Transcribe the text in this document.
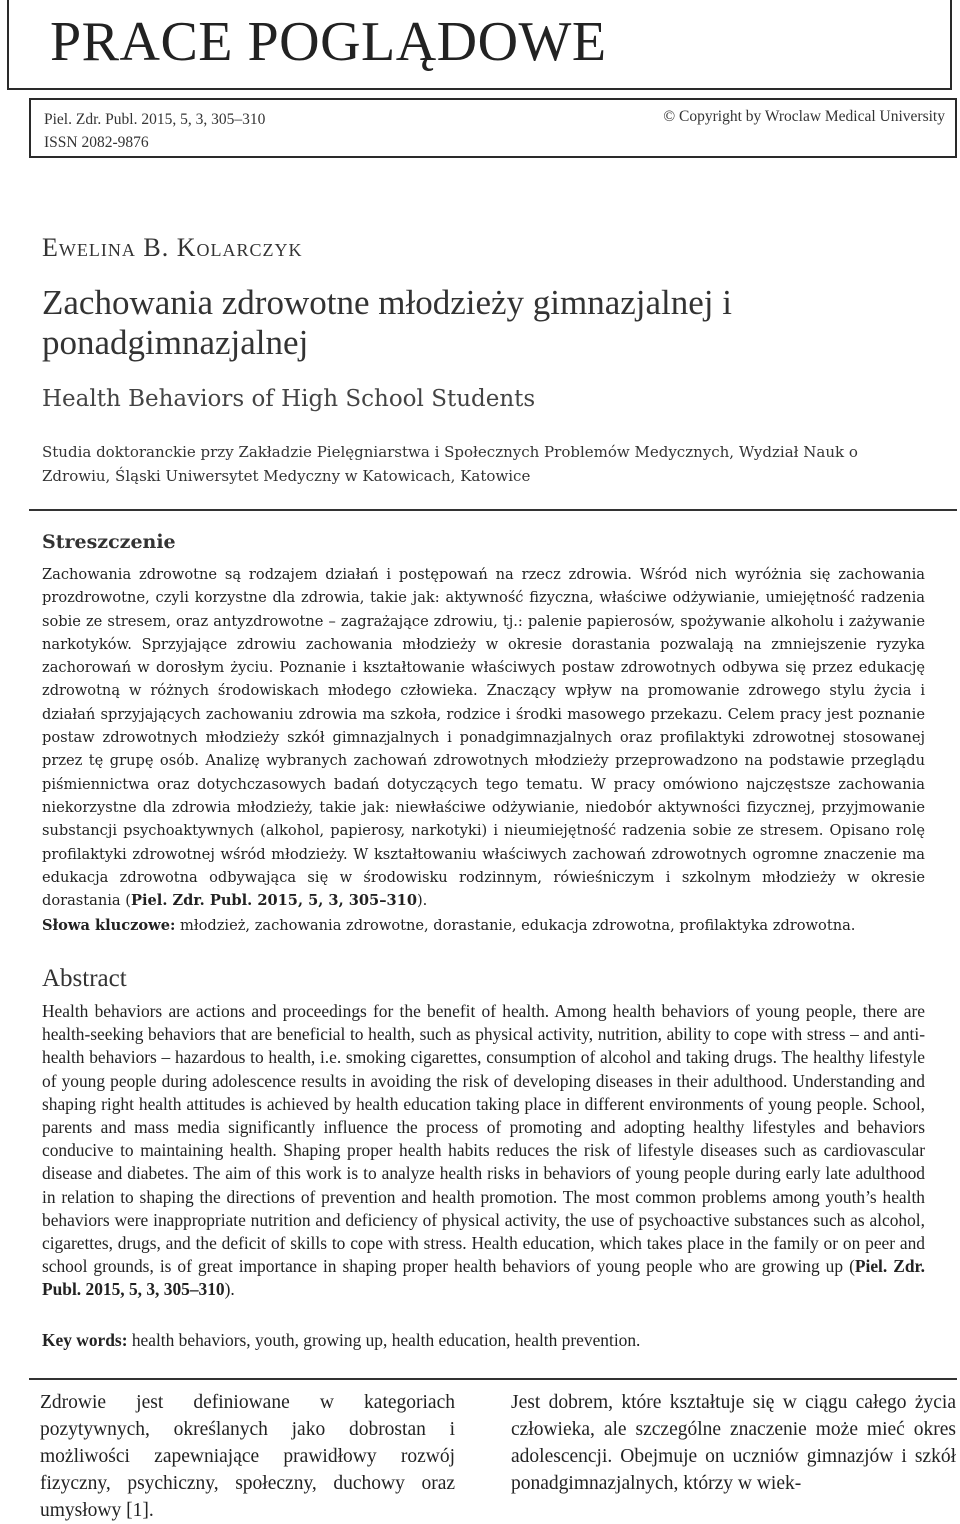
PRACE POGLĄDOWE
Piel. Zdr. Publ. 2015, 5, 3, 305–310
ISSN 2082-9876
© Copyright by Wroclaw Medical University
Ewelina B. Kolarczyk
Zachowania zdrowotne młodzieży gimnazjalnej i ponadgimnazjalnej
Health Behaviors of High School Students
Studia doktoranckie przy Zakładzie Pielęgniarstwa i Społecznych Problemów Medycznych, Wydział Nauk o Zdrowiu, Śląski Uniwersytet Medyczny w Katowicach, Katowice
Streszczenie
Zachowania zdrowotne są rodzajem działań i postępowań na rzecz zdrowia. Wśród nich wyróżnia się zachowania prozdrowotne, czyli korzystne dla zdrowia, takie jak: aktywność fizyczna, właściwe odżywianie, umiejętność radzenia sobie ze stresem, oraz antyzdrowotne – zagrażające zdrowiu, tj.: palenie papierosów, spożywanie alkoholu i zażywanie narkotyków. Sprzyjające zdrowiu zachowania młodzieży w okresie dorastania pozwalają na zmniejszenie ryzyka zachorowań w dorosłym życiu. Poznanie i kształtowanie właściwych postaw zdrowotnych odbywa się przez edukację zdrowotną w różnych środowiskach młodego człowieka. Znaczący wpływ na promowanie zdrowego stylu życia i działań sprzyjających zachowaniu zdrowia ma szkoła, rodzice i środki masowego przekazu. Celem pracy jest poznanie postaw zdrowotnych młodzieży szkół gimnazjalnych i ponadgimnazjalnych oraz profilaktyki zdrowotnej stosowanej przez tę grupę osób. Analizę wybranych zachowań zdrowotnych młodzieży przeprowadzono na podstawie przeglądu piśmiennictwa oraz dotychczasowych badań dotyczących tego tematu. W pracy omówiono najczęstsze zachowania niekorzystne dla zdrowia młodzieży, takie jak: niewłaściwe odżywianie, niedobór aktywności fizycznej, przyjmowanie substancji psychoaktywnych (alkohol, papierosy, narkotyki) i nieumiejętność radzenia sobie ze stresem. Opisano rolę profilaktyki zdrowotnej wśród młodzieży. W kształtowaniu właściwych zachowań zdrowotnych ogromne znaczenie ma edukacja zdrowotna odbywająca się w środowisku rodzinnym, rówieśniczym i szkolnym młodzieży w okresie dorastania (Piel. Zdr. Publ. 2015, 5, 3, 305–310).
Słowa kluczowe: młodzież, zachowania zdrowotne, dorastanie, edukacja zdrowotna, profilaktyka zdrowotna.
Abstract
Health behaviors are actions and proceedings for the benefit of health. Among health behaviors of young people, there are health-seeking behaviors that are beneficial to health, such as physical activity, nutrition, ability to cope with stress – and anti-health behaviors – hazardous to health, i.e. smoking cigarettes, consumption of alcohol and taking drugs. The healthy lifestyle of young people during adolescence results in avoiding the risk of developing diseases in their adulthood. Understanding and shaping right health attitudes is achieved by health education taking place in different environments of young people. School, parents and mass media significantly influence the process of promoting and adopting healthy lifestyles and behaviors conducive to maintaining health. Shaping proper health habits reduces the risk of lifestyle diseases such as cardiovascular disease and diabetes. The aim of this work is to analyze health risks in behaviors of young people during early late adulthood in relation to shaping the directions of prevention and health promotion. The most common problems among youth’s health behaviors were inappropriate nutrition and deficiency of physical activity, the use of psychoactive substances such as alcohol, cigarettes, drugs, and the deficit of skills to cope with stress. Health education, which takes place in the family or on peer and school grounds, is of great importance in shaping proper health behaviors of young people who are growing up (Piel. Zdr. Publ. 2015, 5, 3, 305–310).
Key words: health behaviors, youth, growing up, health education, health prevention.
Zdrowie jest definiowane w kategoriach pozytywnych, określanych jako dobrostan i możliwości zapewniające prawidłowy rozwój fizyczny, psychiczny, społeczny, duchowy oraz umysłowy [1].
Jest dobrem, które kształtuje się w ciągu całego życia człowieka, ale szczególne znaczenie może mieć okres adolescencji. Obejmuje on uczniów gimnazjów i szkół ponadgimnazjalnych, którzy w wiek-
